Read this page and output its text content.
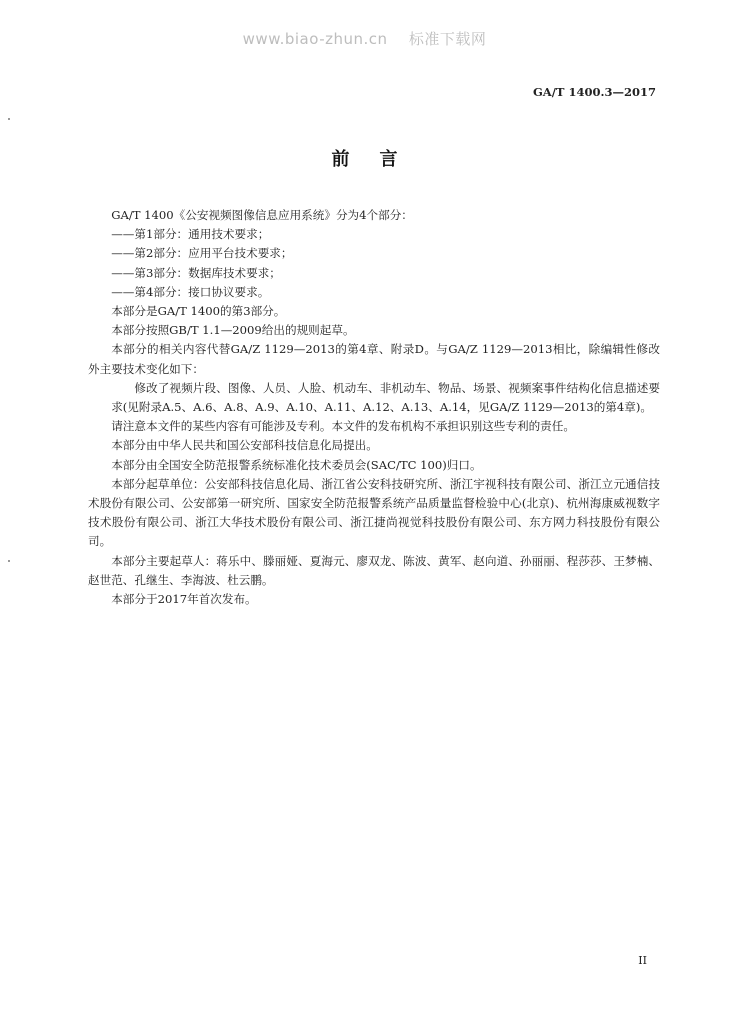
www.biao-zhun.cn 标准下载网
GA/T 1400.3—2017
前言

GA/T 1400《公安视频图像信息应用系统》分为4个部分：

——第1部分：通用技术要求；

——第2部分：应用平台技术要求；

——第3部分：数据库技术要求；

——第4部分：接口协议要求。

本部分是GA/T 1400的第3部分。

本部分按照GB/T 1.1—2009给出的规则起草。

本部分的相关内容代替GA/Z 1129—2013的第4章、附录D。与GA/Z 1129—2013相比，除编辑性修改外主要技术变化如下：

修改了视频片段、图像、人员、人脸、机动车、非机动车、物品、场景、视频案事件结构化信息描述要求(见附录A.5、A.6、A.8、A.9、A.10、A.11、A.12、A.13、A.14，见GA/Z 1129—2013的第4章)。

请注意本文件的某些内容有可能涉及专利。本文件的发布机构不承担识别这些专利的责任。

本部分由中华人民共和国公安部科技信息化局提出。

本部分由全国安全防范报警系统标准化技术委员会(SAC/TC 100)归口。

本部分起草单位：公安部科技信息化局、浙江省公安科技研究所、浙江宇视科技有限公司、浙江立元通信技术股份有限公司、公安部第一研究所、国家安全防范报警系统产品质量监督检验中心(北京)、杭州海康威视数字技术股份有限公司、浙江大华技术股份有限公司、浙江捷尚视觉科技股份有限公司、东方网力科技股份有限公司。

本部分主要起草人：蒋乐中、滕丽娅、夏海元、廖双龙、陈波、黄军、赵向道、孙丽丽、程莎莎、王梦楠、赵世范、孔继生、李海波、杜云鹏。

本部分于2017年首次发布。

II
